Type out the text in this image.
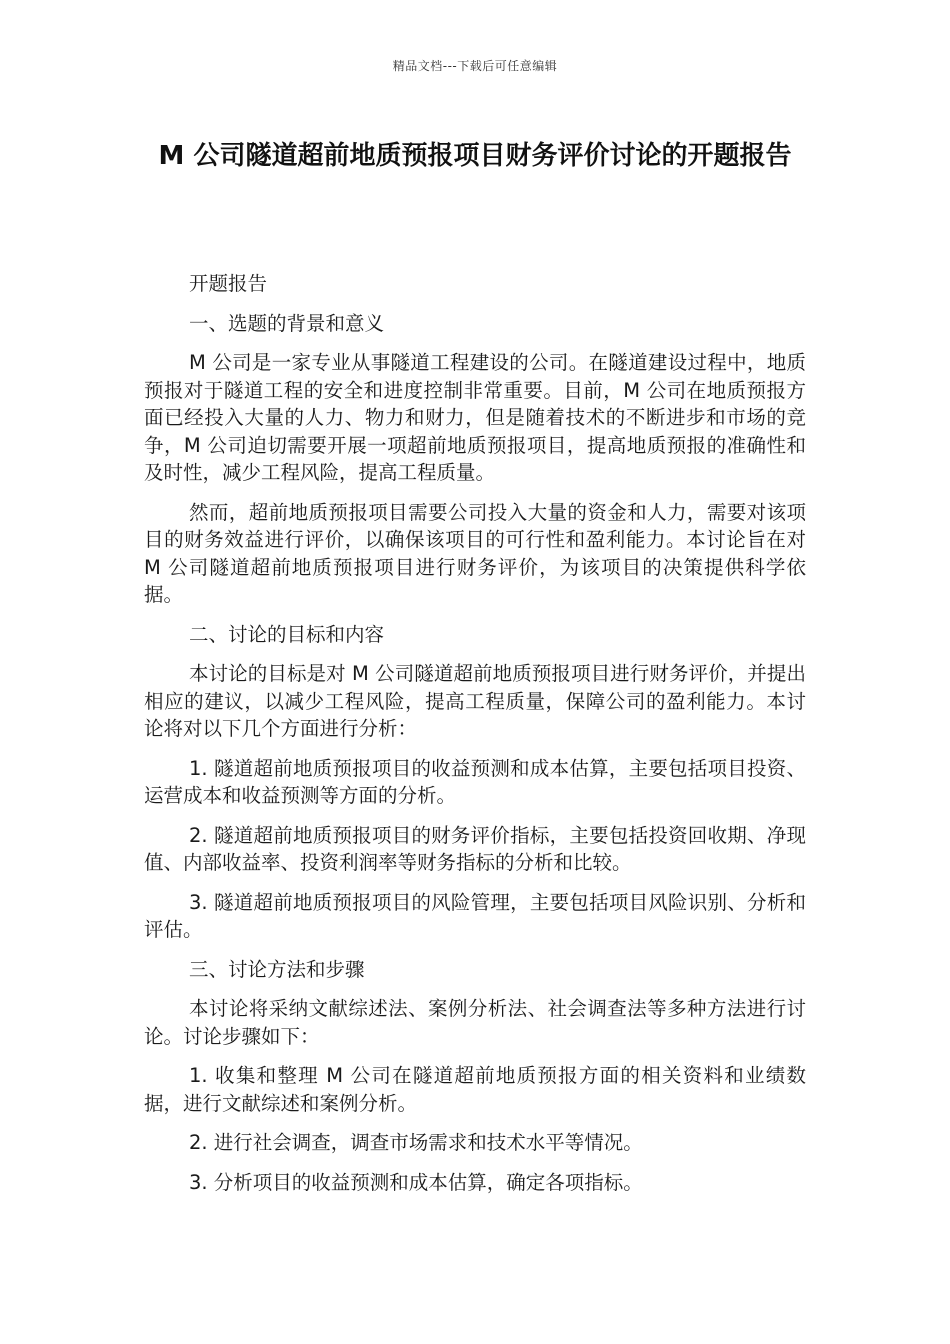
精品文档---下载后可任意编辑
M 公司隧道超前地质预报项目财务评价讨论的开题报告

开题报告

一、选题的背景和意义

M 公司是一家专业从事隧道工程建设的公司。在隧道建设过程中，地质预报对于隧道工程的安全和进度控制非常重要。目前，M 公司在地质预报方面已经投入大量的人力、物力和财力，但是随着技术的不断进步和市场的竞争，M 公司迫切需要开展一项超前地质预报项目，提高地质预报的准确性和及时性，减少工程风险，提高工程质量。

然而，超前地质预报项目需要公司投入大量的资金和人力，需要对该项目的财务效益进行评价，以确保该项目的可行性和盈利能力。本讨论旨在对 M 公司隧道超前地质预报项目进行财务评价，为该项目的决策提供科学依据。

二、讨论的目标和内容

本讨论的目标是对 M 公司隧道超前地质预报项目进行财务评价，并提出相应的建议，以减少工程风险，提高工程质量，保障公司的盈利能力。本讨论将对以下几个方面进行分析：

1. 隧道超前地质预报项目的收益预测和成本估算，主要包括项目投资、运营成本和收益预测等方面的分析。

2. 隧道超前地质预报项目的财务评价指标，主要包括投资回收期、净现值、内部收益率、投资利润率等财务指标的分析和比较。

3. 隧道超前地质预报项目的风险管理，主要包括项目风险识别、分析和评估。

三、讨论方法和步骤

本讨论将采纳文献综述法、案例分析法、社会调查法等多种方法进行讨论。讨论步骤如下：

1. 收集和整理 M 公司在隧道超前地质预报方面的相关资料和业绩数据，进行文献综述和案例分析。

2. 进行社会调查，调查市场需求和技术水平等情况。

3. 分析项目的收益预测和成本估算，确定各项指标。
